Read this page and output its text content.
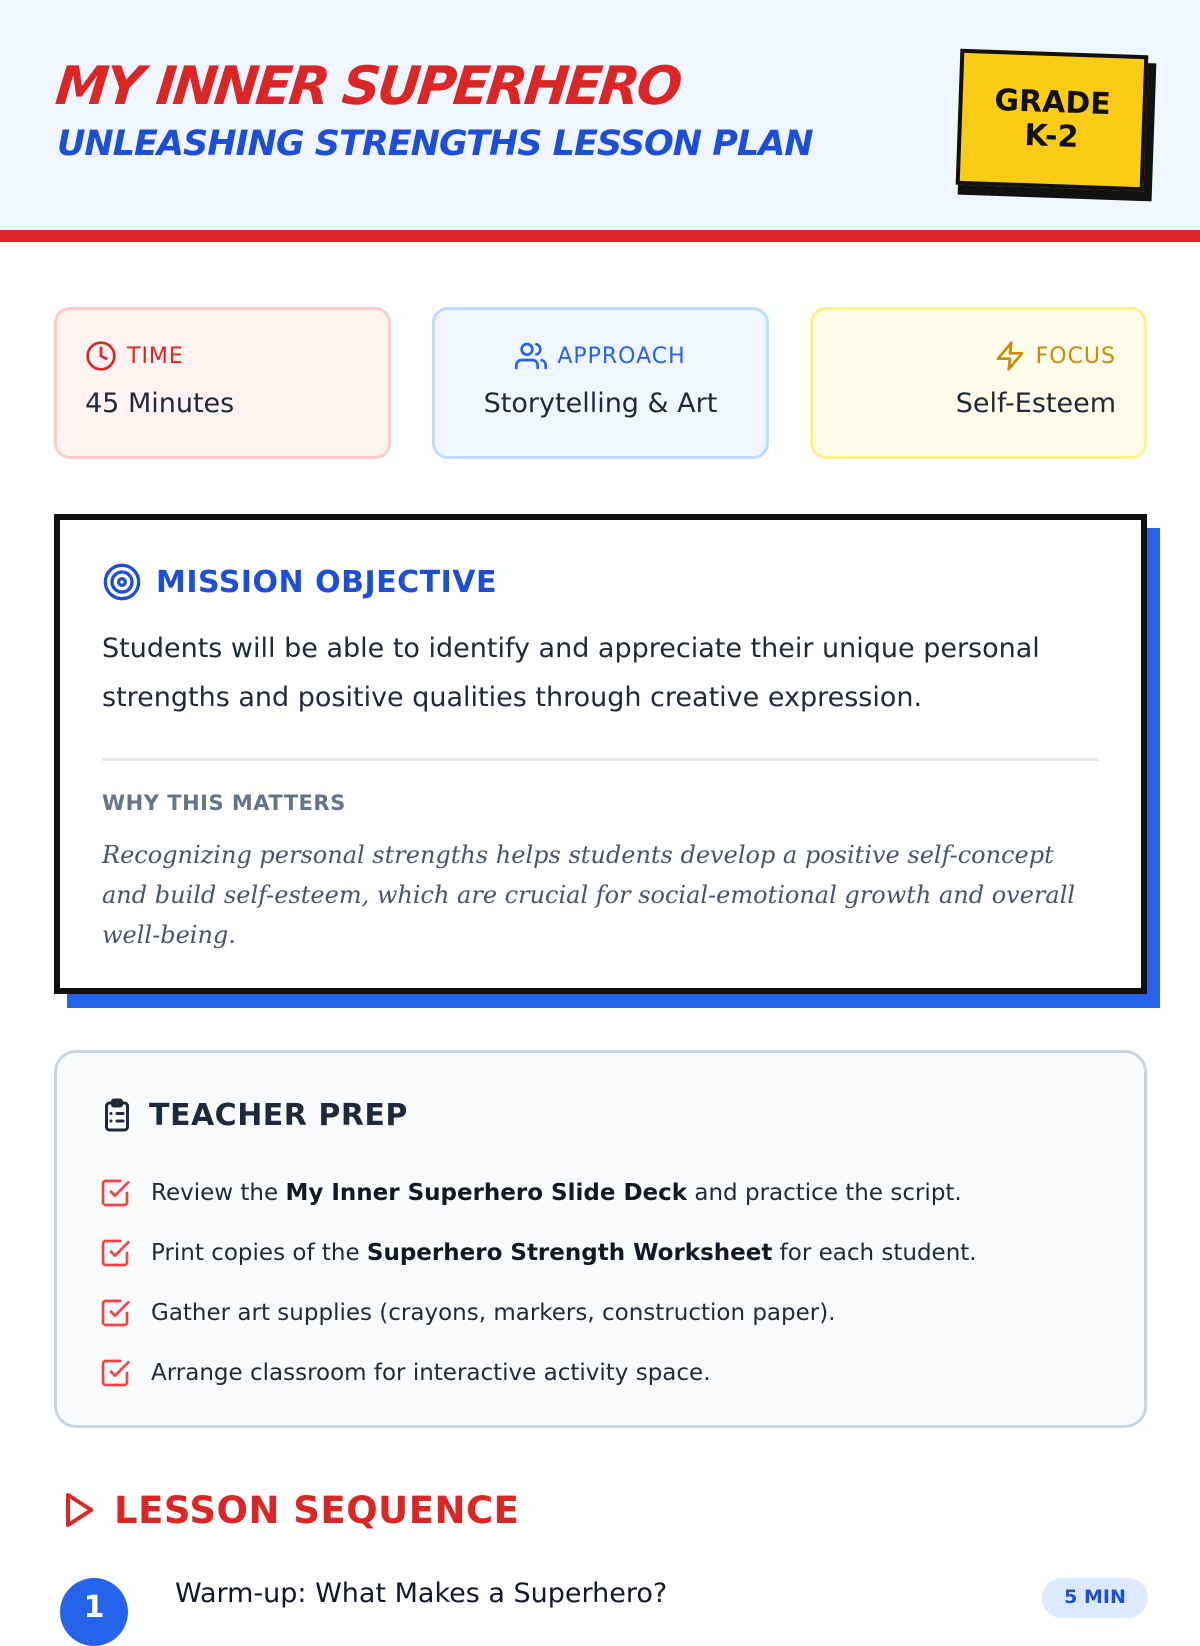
MY INNER SUPERHERO
UNLEASHING STRENGTHS LESSON PLAN
GRADE
K-2
TIME
45 Minutes
APPROACH
Storytelling & Art
FOCUS
Self-Esteem
MISSION OBJECTIVE

Students will be able to identify and appreciate their unique personal strengths and positive qualities through creative expression.

WHY THIS MATTERS

Recognizing personal strengths helps students develop a positive self-concept and build self-esteem, which are crucial for social-emotional growth and overall well-being.

TEACHER PREP
Review the My Inner Superhero Slide Deck and practice the script.
Print copies of the Superhero Strength Worksheet for each student.
Gather art supplies (crayons, markers, construction paper).
Arrange classroom for interactive activity space.
LESSON SEQUENCE
1	Warm-up: What Makes a Superhero?	5 MIN
